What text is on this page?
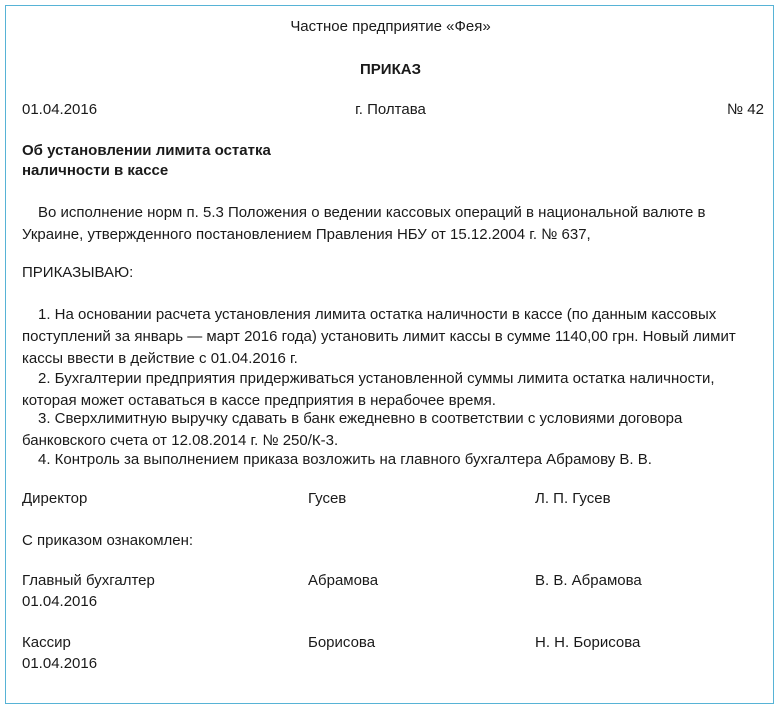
Частное предприятие «Фея»
ПРИКАЗ
01.04.2016	г. Полтава	№ 42
Об установлении лимита остатка
наличности в кассе
Во исполнение норм п. 5.3 Положения о ведении кассовых операций в национальной валюте в Украине, утвержденного постановлением Правления НБУ от 15.12.2004 г. № 637,
ПРИКАЗЫВАЮ:
1. На основании расчета установления лимита остатка наличности в кассе (по данным кассовых поступлений за январь — март 2016 года) установить лимит кассы в сумме 1140,00 грн. Новый лимит кассы ввести в действие с 01.04.2016 г.
2. Бухгалтерии предприятия придерживаться установленной суммы лимита остатка наличности, которая может оставаться в кассе предприятия в нерабочее время.
3. Сверхлимитную выручку сдавать в банк ежедневно в соответствии с условиями договора банковского счета от 12.08.2014 г. № 250/К-3.
4. Контроль за выполнением приказа возложить на главного бухгалтера Абрамову В. В.
Директор	Гусев	Л. П. Гусев
С приказом ознакомлен:
Главный бухгалтер	Абрамова	В. В. Абрамова
01.04.2016
Кассир	Борисова	Н. Н. Борисова
01.04.2016
